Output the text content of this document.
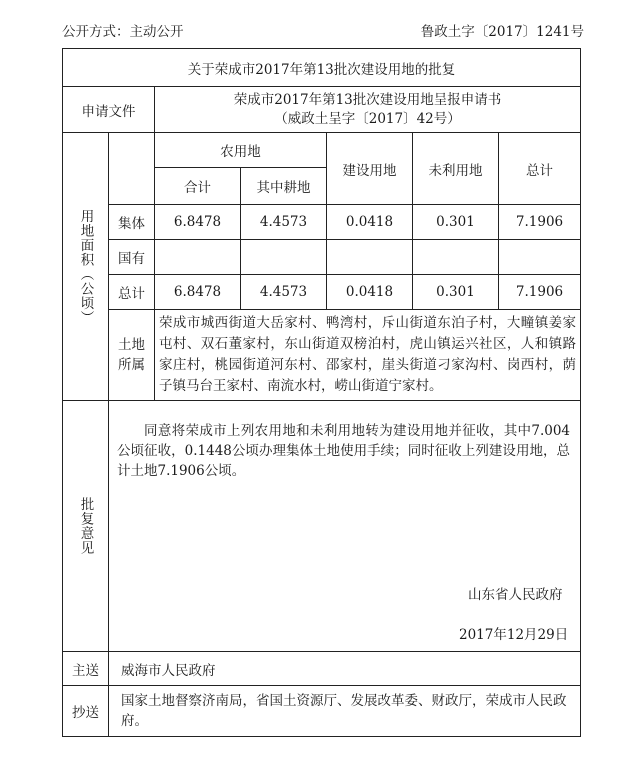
公开方式：主动公开	鲁政土字〔2017〕1241号
关于荣成市2017年第13批次建设用地的批复						
申请文件		荣成市2017年第13批次建设用地呈报申请书
（威政土呈字〔2017〕42号）				

用地面积（公顷）		农用地		建设用地	未利用地	总计
		合计	其中耕地			
	集体	6.8478	4.4573	0.0418	0.301	7.1906
	国有					
	总计	6.8478	4.4573	0.0418	0.301	7.1906

	土地
所属	荣成市城西街道大岳家村、鸭湾村，斥山街道东泊子村，大疃镇姜家屯村、双石董家村，东山街道双榜泊村，虎山镇运兴社区，人和镇路家庄村，桃园街道河东村、邵家村，崖头街道刁家沟村、岗西村，荫子镇马台王家村、南流水村，崂山街道宁家村。				

批复意见	同意将荣成市上列农用地和未利用地转为建设用地并征收，其中7.004公顷征收，0.1448公顷办理集体土地使用手续；同时征收上列建设用地，总计土地7.1906公顷。
山东省人民政府
2017年12月29日					

主送	威海市人民政府					
抄送	国家土地督察济南局，省国土资源厅、发展改革委、财政厅，荣成市人民政府。					
